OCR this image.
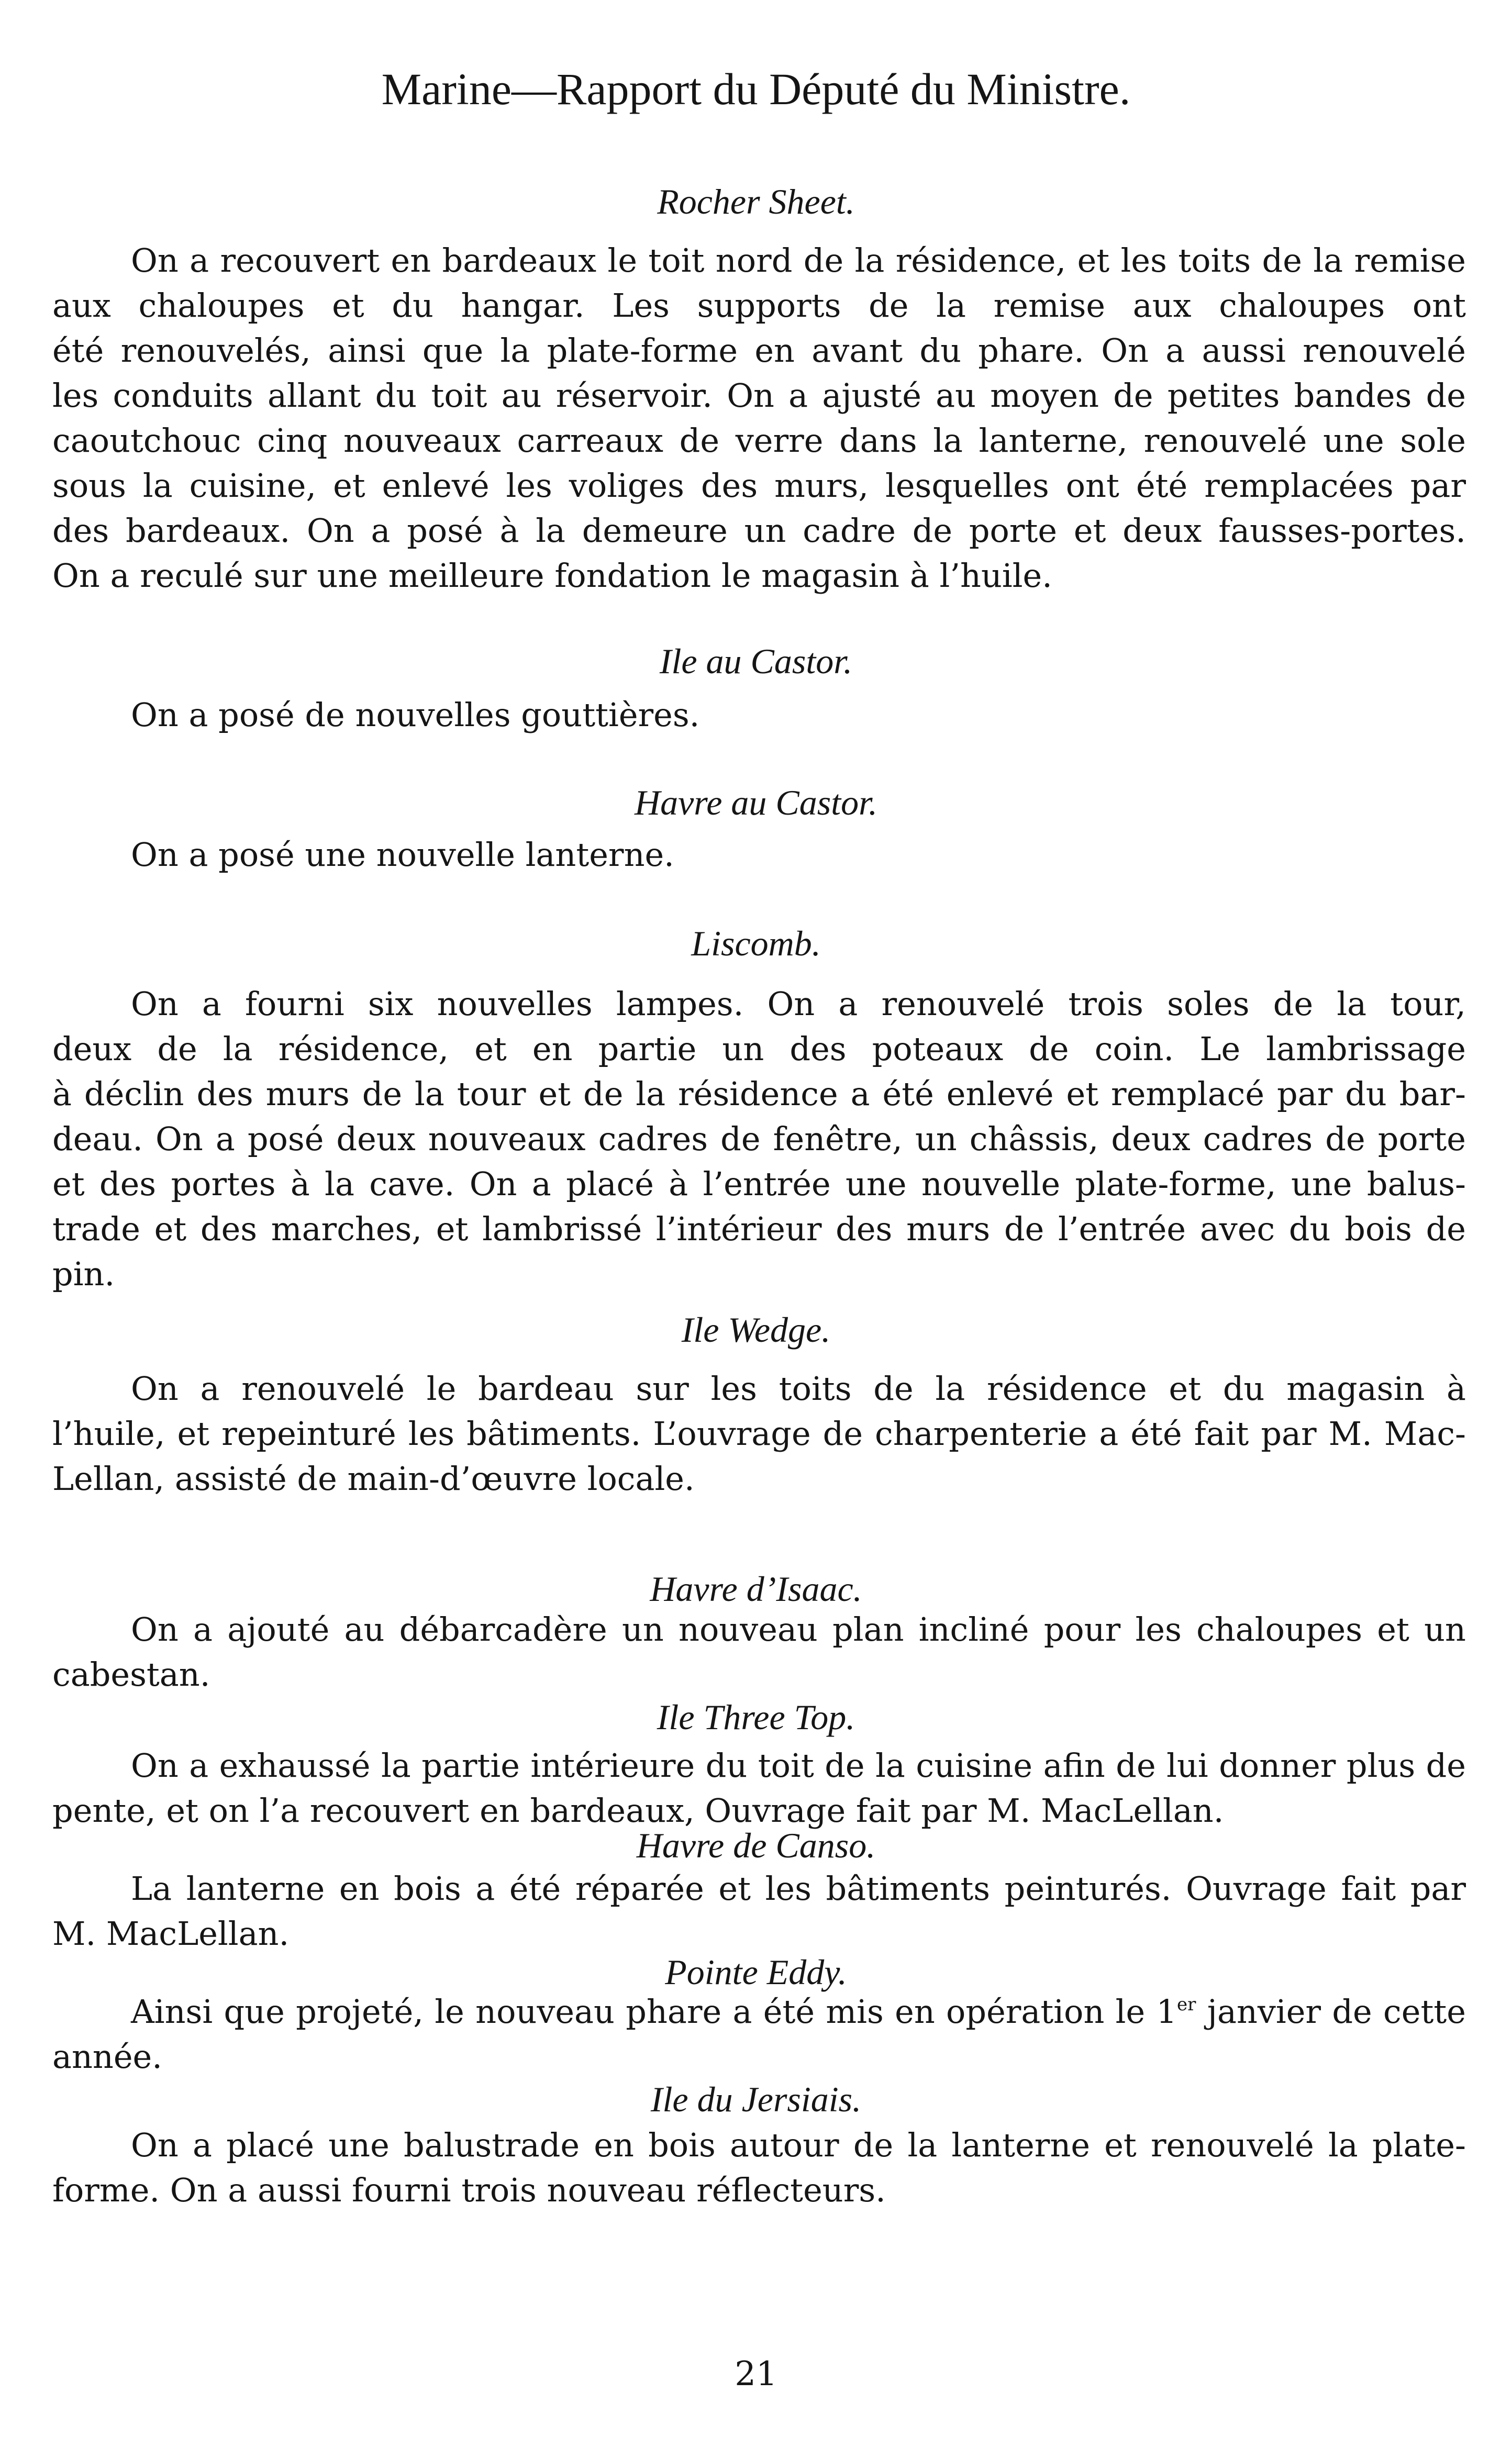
Marine—Rapport du Député du Ministre.
Rocher Sheet.
On a recouvert en bardeaux le toit nord de la résidence, et les toits de la remise
aux chaloupes et du hangar. Les supports de la remise aux chaloupes ont
été renouvelés, ainsi que la plate-forme en avant du phare. On a aussi renouvelé
les conduits allant du toit au réservoir. On a ajusté au moyen de petites bandes de
caoutchouc cinq nouveaux carreaux de verre dans la lanterne, renouvelé une sole
sous la cuisine, et enlevé les voliges des murs, lesquelles ont été remplacées par
des bardeaux. On a posé à la demeure un cadre de porte et deux fausses-portes.
On a reculé sur une meilleure fondation le magasin à l’huile.
Ile au Castor.
On a posé de nouvelles gouttières.
Havre au Castor.
On a posé une nouvelle lanterne.
Liscomb.
On a fourni six nouvelles lampes. On a renouvelé trois soles de la tour,
deux de la résidence, et en partie un des poteaux de coin. Le lambrissage
à déclin des murs de la tour et de la résidence a été enlevé et remplacé par du bar-
deau. On a posé deux nouveaux cadres de fenêtre, un châssis, deux cadres de porte
et des portes à la cave. On a placé à l’entrée une nouvelle plate-forme, une balus-
trade et des marches, et lambrissé l’intérieur des murs de l’entrée avec du bois de
pin.
Ile Wedge.
On a renouvelé le bardeau sur les toits de la résidence et du magasin à
l’huile, et repeinturé les bâtiments. L’ouvrage de charpenterie a été fait par M. Mac-
Lellan, assisté de main-d’œuvre locale.
Havre d’Isaac.
On a ajouté au débarcadère un nouveau plan incliné pour les chaloupes et un
cabestan.
Ile Three Top.
On a exhaussé la partie intérieure du toit de la cuisine afin de lui donner plus de
pente, et on l’a recouvert en bardeaux, Ouvrage fait par M. MacLellan.
Havre de Canso.
La lanterne en bois a été réparée et les bâtiments peinturés. Ouvrage fait par
M. MacLellan.
Pointe Eddy.
Ainsi que projeté, le nouveau phare a été mis en opération le 1er janvier de cette
année.
Ile du Jersiais.
On a placé une balustrade en bois autour de la lanterne et renouvelé la plate-
forme. On a aussi fourni trois nouveau réflecteurs.
21
